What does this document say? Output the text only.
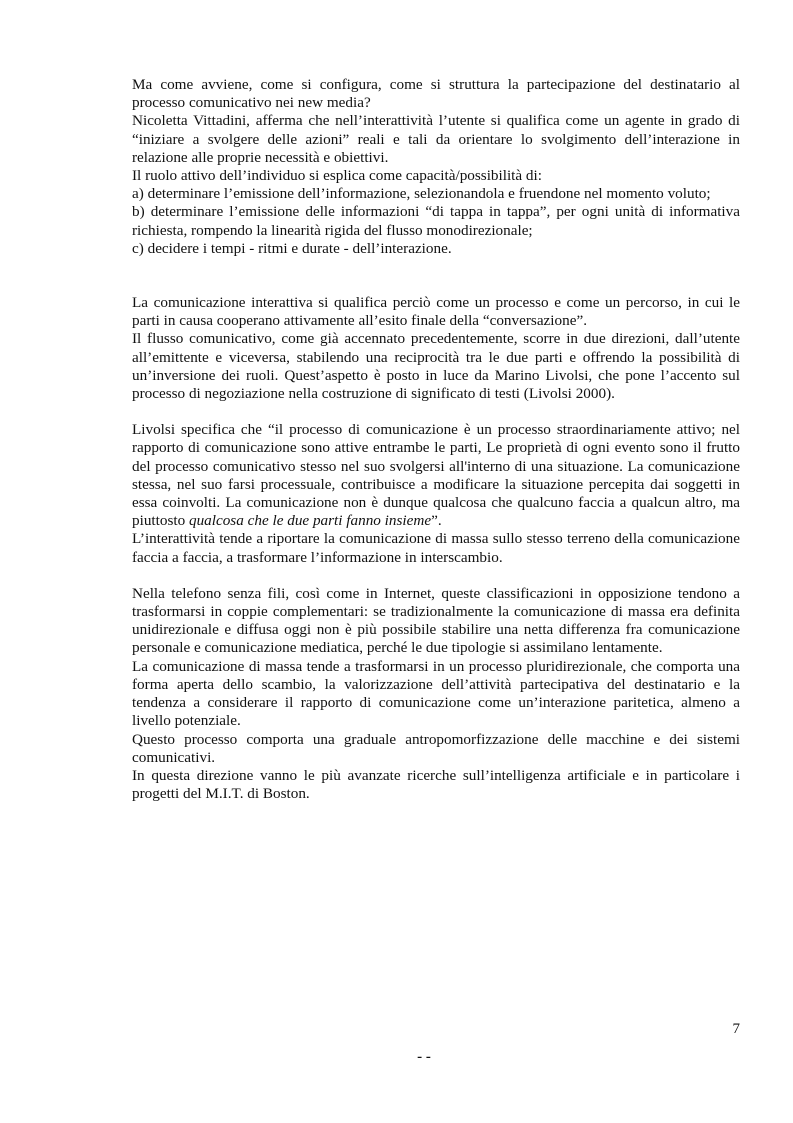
Ma come avviene, come si configura, come si struttura la partecipazione del destinatario al processo comunicativo nei new media?

Nicoletta Vittadini, afferma che nell’interattività l’utente si qualifica come un agente in grado di “iniziare a svolgere delle azioni” reali e tali da orientare lo svolgimento dell’interazione in relazione alle proprie necessità e obiettivi.

Il ruolo attivo dell’individuo si esplica come capacità/possibilità di:

a) determinare l’emissione dell’informazione, selezionandola e fruendone nel momento voluto;

b) determinare l’emissione delle informazioni “di tappa in tappa”, per ogni unità di informativa richiesta, rompendo la linearità rigida del flusso monodirezionale;

c) decidere i tempi - ritmi e durate - dell’interazione.

La comunicazione interattiva si qualifica perciò come un processo e come un percorso, in cui le parti in causa cooperano attivamente all’esito finale della “conversazione”.

Il flusso comunicativo, come già accennato precedentemente, scorre in due direzioni, dall’utente all’emittente e viceversa, stabilendo una reciprocità tra le due parti e offrendo la possibilità di un’inversione dei ruoli. Quest’aspetto è posto in luce da Marino Livolsi, che pone l’accento sul processo di negoziazione nella costruzione di significato di testi (Livolsi 2000).

Livolsi specifica che “il processo di comunicazione è un processo straordinariamente attivo; nel rapporto di comunicazione sono attive entrambe le parti, Le proprietà di ogni evento sono il frutto del processo comunicativo stesso nel suo svolgersi all'interno di una situazione. La comunicazione stessa, nel suo farsi processuale, contribuisce a modificare la situazione percepita dai soggetti in essa coinvolti. La comunicazione non è dunque qualcosa che qualcuno faccia a qualcun altro, ma piuttosto qualcosa che le due parti fanno insieme”.

L’interattività tende a riportare la comunicazione di massa sullo stesso terreno della comunicazione faccia a faccia, a trasformare l’informazione in interscambio.

Nella telefono senza fili, così come in Internet, queste classificazioni in opposizione tendono a trasformarsi in coppie complementari: se tradizionalmente la comunicazione di massa era definita unidirezionale e diffusa oggi non è più possibile stabilire una netta differenza fra comunicazione personale e comunicazione mediatica, perché le due tipologie si assimilano lentamente.

La comunicazione di massa tende a trasformarsi in un processo pluridirezionale, che comporta una forma aperta dello scambio, la valorizzazione dell’attività partecipativa del destinatario e la tendenza a considerare il rapporto di comunicazione come un’interazione paritetica, almeno a livello potenziale.

Questo processo comporta una graduale antropomorfizzazione delle macchine e dei sistemi comunicativi.

In questa direzione vanno le più avanzate ricerche sull’intelligenza artificiale e in particolare i progetti del M.I.T. di Boston.

7
- -
